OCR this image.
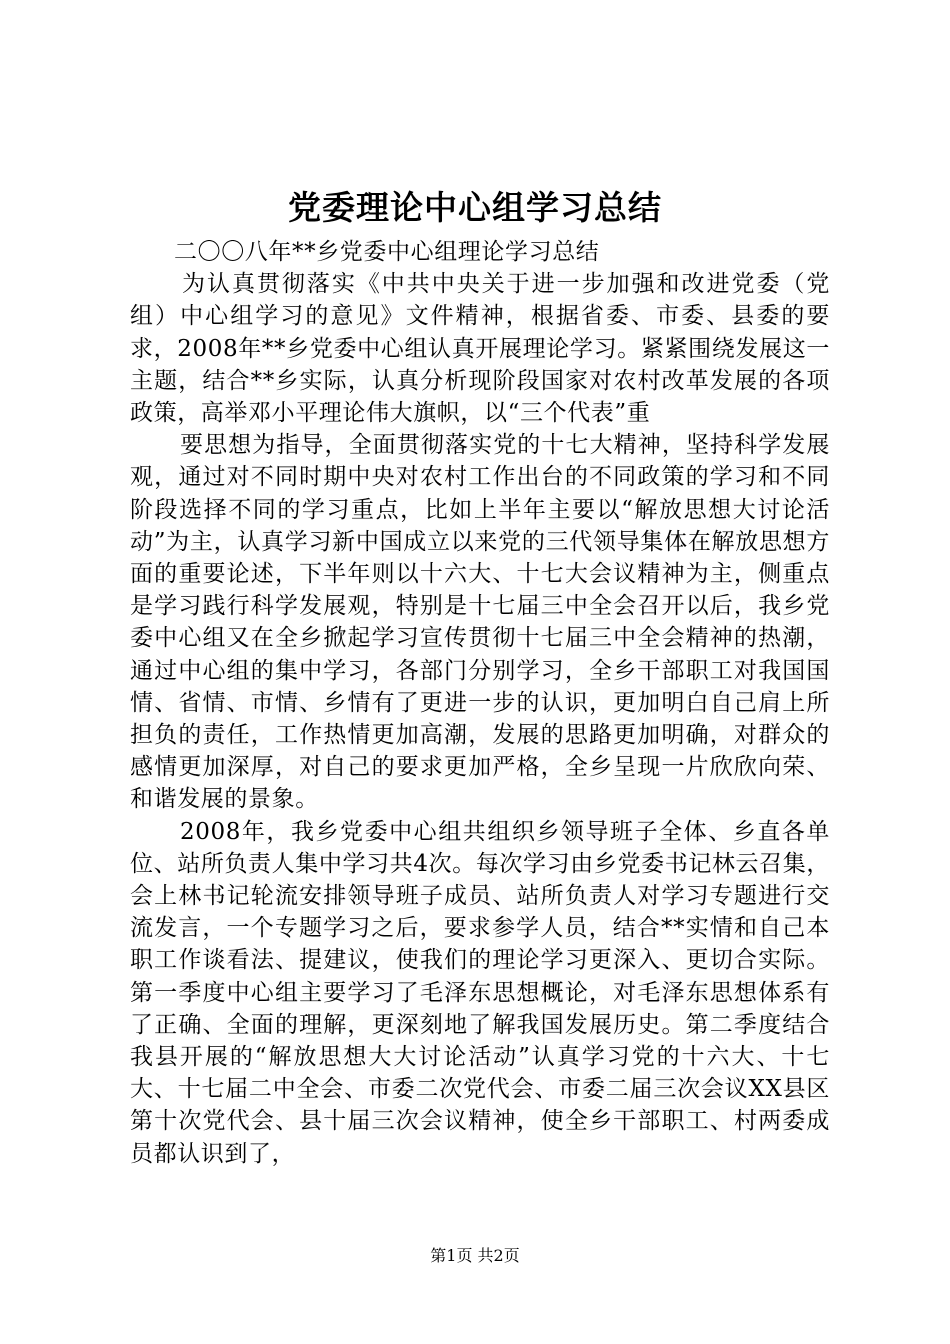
党委理论中心组学习总结

二〇〇八年**乡党委中心组理论学习总结

为认真贯彻落实《中共中央关于进一步加强和改进党委（党组）中心组学习的意见》文件精神，根据省委、市委、县委的要求，2008年**乡党委中心组认真开展理论学习。紧紧围绕发展这一主题，结合**乡实际，认真分析现阶段国家对农村改革发展的各项政策，高举邓小平理论伟大旗帜，以“三个代表”重

要思想为指导，全面贯彻落实党的十七大精神，坚持科学发展观，通过对不同时期中央对农村工作出台的不同政策的学习和不同阶段选择不同的学习重点，比如上半年主要以“解放思想大讨论活动”为主，认真学习新中国成立以来党的三代领导集体在解放思想方面的重要论述，下半年则以十六大、十七大会议精神为主，侧重点是学习践行科学发展观，特别是十七届三中全会召开以后，我乡党委中心组又在全乡掀起学习宣传贯彻十七届三中全会精神的热潮，通过中心组的集中学习，各部门分别学习，全乡干部职工对我国国情、省情、市情、乡情有了更进一步的认识，更加明白自己肩上所担负的责任，工作热情更加高潮，发展的思路更加明确，对群众的感情更加深厚，对自己的要求更加严格，全乡呈现一片欣欣向荣、和谐发展的景象。

2008年，我乡党委中心组共组织乡领导班子全体、乡直各单位、站所负责人集中学习共4次。每次学习由乡党委书记林云召集，会上林书记轮流安排领导班子成员、站所负责人对学习专题进行交流发言，一个专题学习之后，要求参学人员，结合**实情和自己本职工作谈看法、提建议，使我们的理论学习更深入、更切合实际。第一季度中心组主要学习了毛泽东思想概论，对毛泽东思想体系有了正确、全面的理解，更深刻地了解我国发展历史。第二季度结合我县开展的“解放思想大大讨论活动”认真学习党的十六大、十七大、十七届二中全会、市委二次党代会、市委二届三次会议XX县区第十次党代会、县十届三次会议精神，使全乡干部职工、村两委成员都认识到了，

第1页 共2页
